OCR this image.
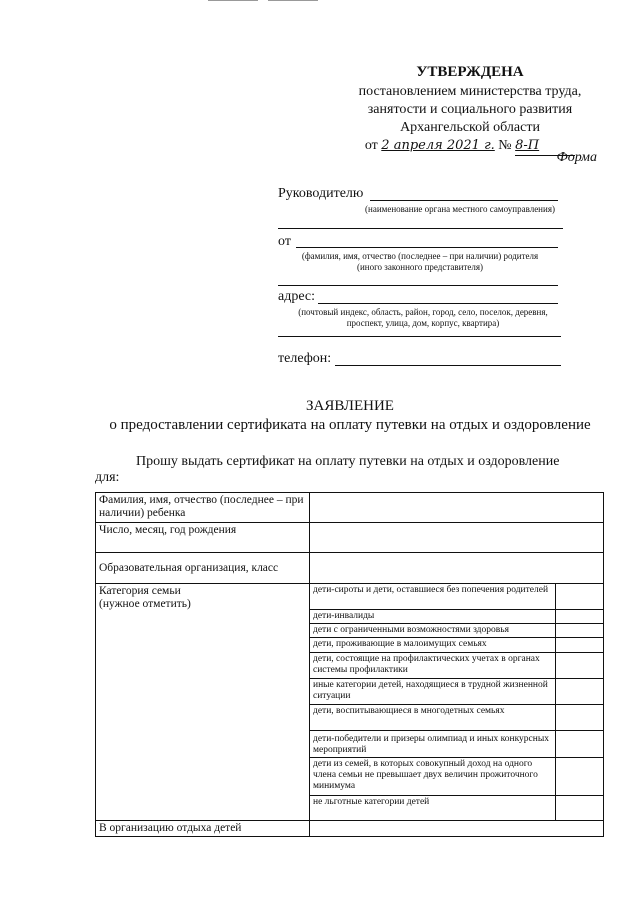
УТВЕРЖДЕНА
постановлением министерства труда,
занятости и социального развития
Архангельской области
от 2 апреля 2021 г. № 8-П
Форма
Руководителю
(наименование органа местного самоуправления)
от
(фамилия, имя, отчество (последнее – при наличии) родителя
(иного законного представителя)
адрес:
(почтовый индекс, область, район, город, село, поселок, деревня,
проспект, улица, дом, корпус, квартира)
телефон:
ЗАЯВЛЕНИЕ
о предоставлении сертификата на оплату путевки на отдых и оздоровление
Прошу выдать сертификат на оплату путевки на отдых и оздоровление
для:
Фамилия, имя, отчество (последнее – при наличии) ребенка		
Число, месяц, год рождения		
Образовательная организация, класс		

Категория семьи
(нужное отметить)	дети-сироты и дети, оставшиеся без попечения родителей	
	дети-инвалиды	
	дети с ограниченными возможностями здоровья	
	дети, проживающие в малоимущих семьях	
	дети, состоящие на профилактических учетах в органах системы профилактики	
	иные категории детей, находящиеся в трудной жизненной ситуации	
	дети, воспитывающиеся в многодетных семьях	
	дети-победители и призеры олимпиад и иных конкурсных мероприятий	
	дети из семей, в которых совокупный доход на одного члена семьи не превышает двух величин прожиточного минимума	
	не льготные категории детей	
В организацию отдыха детей		
